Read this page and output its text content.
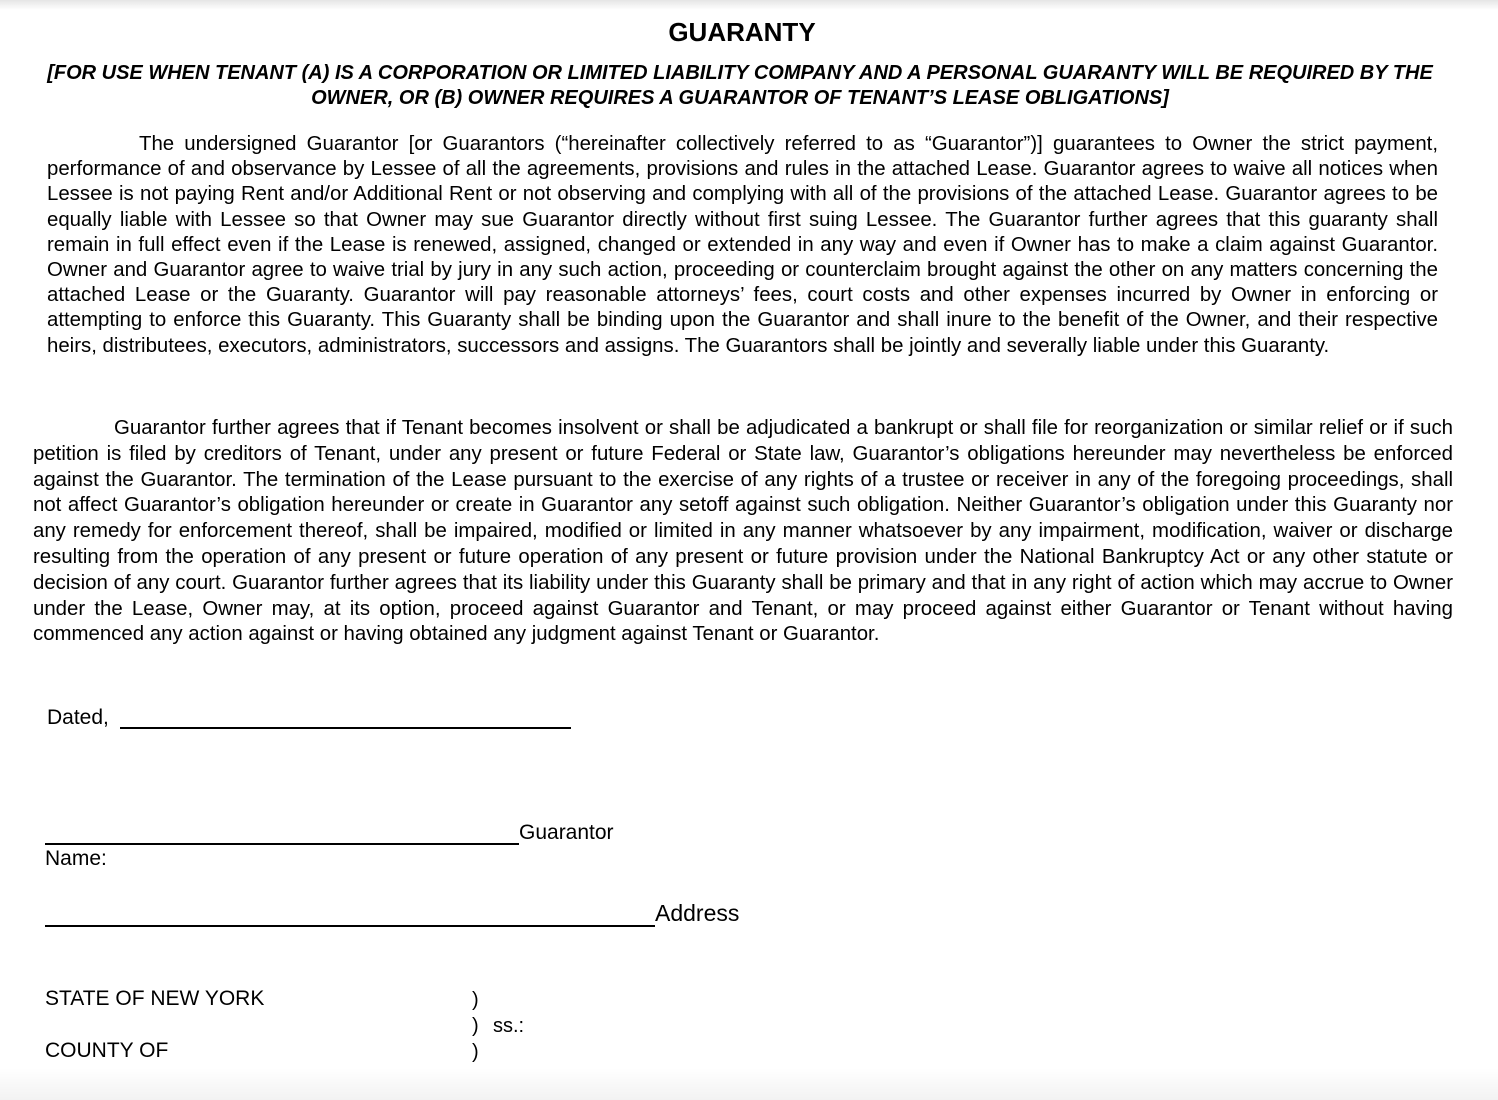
GUARANTY
[FOR USE WHEN TENANT (A) IS A CORPORATION OR LIMITED LIABILITY COMPANY AND A PERSONAL GUARANTY WILL BE REQUIRED BY THE OWNER, OR (B) OWNER REQUIRES A GUARANTOR OF TENANT’S LEASE OBLIGATIONS]

The undersigned Guarantor [or Guarantors (“hereinafter collectively referred to as “Guarantor”)] guarantees to Owner the strict payment, performance of and observance by Lessee of all the agreements, provisions and rules in the attached Lease. Guarantor agrees to waive all notices when Lessee is not paying Rent and/or Additional Rent or not observing and complying with all of the provisions of the attached Lease. Guarantor agrees to be equally liable with Lessee so that Owner may sue Guarantor directly without first suing Lessee. The Guarantor further agrees that this guaranty shall remain in full effect even if the Lease is renewed, assigned, changed or extended in any way and even if Owner has to make a claim against Guarantor. Owner and Guarantor agree to waive trial by jury in any such action, proceeding or counterclaim brought against the other on any matters concerning the attached Lease or the Guaranty. Guarantor will pay reasonable attorneys’ fees, court costs and other expenses incurred by Owner in enforcing or attempting to enforce this Guaranty. This Guaranty shall be binding upon the Guarantor and shall inure to the benefit of the Owner, and their respective heirs, distributees, executors, administrators, successors and assigns. The Guarantors shall be jointly and severally liable under this Guaranty.

Guarantor further agrees that if Tenant becomes insolvent or shall be adjudicated a bankrupt or shall file for reorganization or similar relief or if such petition is filed by creditors of Tenant, under any present or future Federal or State law, Guarantor’s obligations hereunder may nevertheless be enforced against the Guarantor. The termination of the Lease pursuant to the exercise of any rights of a trustee or receiver in any of the foregoing proceedings, shall not affect Guarantor’s obligation hereunder or create in Guarantor any setoff against such obligation. Neither Guarantor’s obligation under this Guaranty nor any remedy for enforcement thereof, shall be impaired, modified or limited in any manner whatsoever by any impairment, modification, waiver or discharge resulting from the operation of any present or future operation of any present or future provision under the National Bankruptcy Act or any other statute or decision of any court. Guarantor further agrees that its liability under this Guaranty shall be primary and that in any right of action which may accrue to Owner under the Lease, Owner may, at its option, proceed against Guarantor and Tenant, or may proceed against either Guarantor or Tenant without having commenced any action against or having obtained any judgment against Tenant or Guarantor.

Dated,
Guarantor
Name:
Address
STATE OF NEW YORK
COUNTY OF
)
)
)
ss.:
